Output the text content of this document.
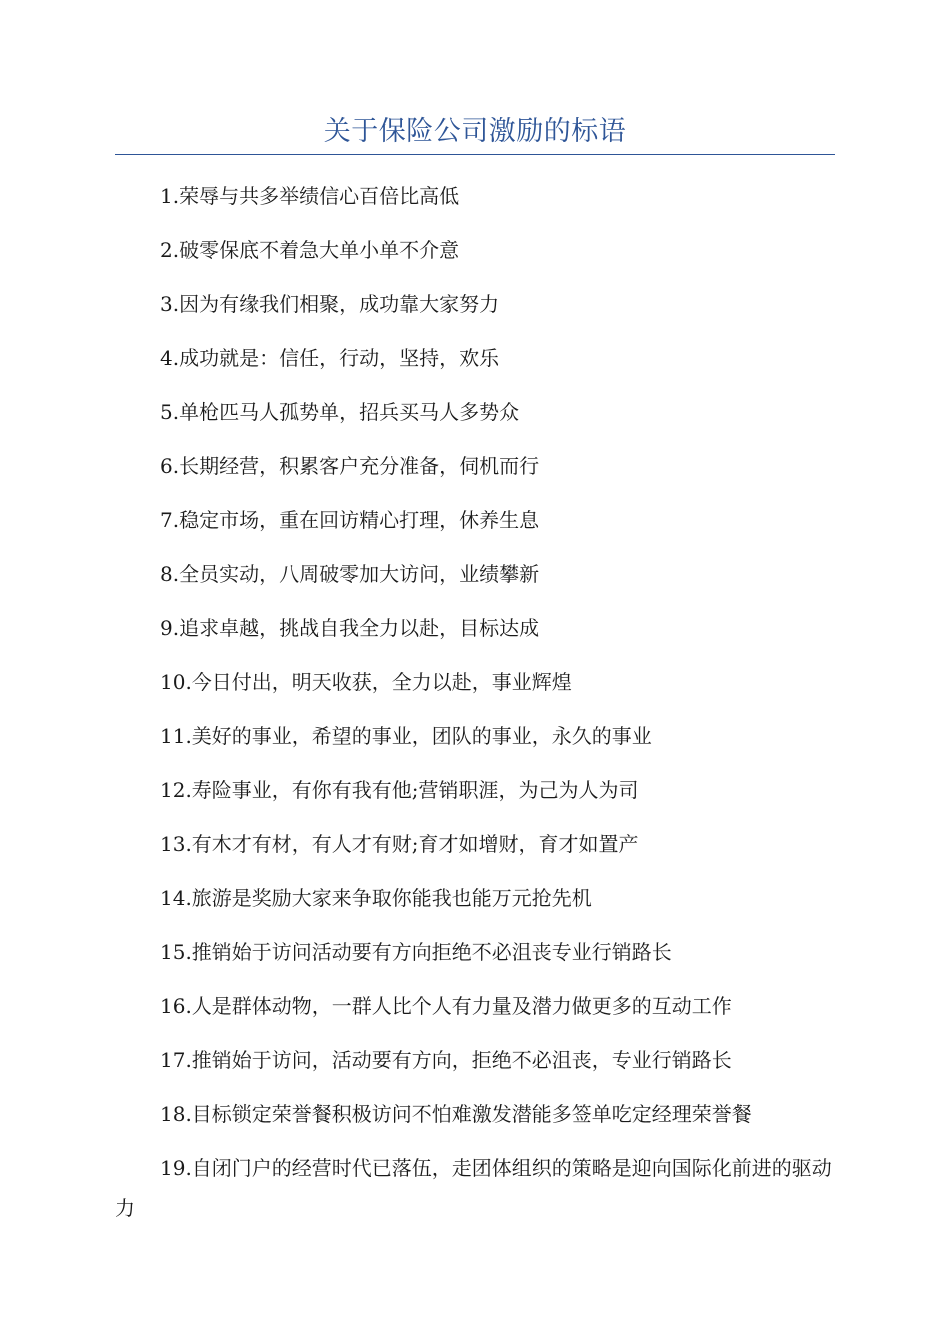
关于保险公司激励的标语
1.荣辱与共多举绩信心百倍比高低
2.破零保底不着急大单小单不介意
3.因为有缘我们相聚，成功靠大家努力
4.成功就是：信任，行动，坚持，欢乐
5.单枪匹马人孤势单，招兵买马人多势众
6.长期经营，积累客户充分准备，伺机而行
7.稳定市场，重在回访精心打理，休养生息
8.全员实动，八周破零加大访问，业绩攀新
9.追求卓越，挑战自我全力以赴，目标达成
10.今日付出，明天收获，全力以赴，事业辉煌
11.美好的事业，希望的事业，团队的事业，永久的事业
12.寿险事业，有你有我有他;营销职涯，为己为人为司
13.有木才有材，有人才有财;育才如增财，育才如置产
14.旅游是奖励大家来争取你能我也能万元抢先机
15.推销始于访问活动要有方向拒绝不必沮丧专业行销路长
16.人是群体动物，一群人比个人有力量及潜力做更多的互动工作
17.推销始于访问，活动要有方向，拒绝不必沮丧，专业行销路长
18.目标锁定荣誉餐积极访问不怕难激发潜能多签单吃定经理荣誉餐
19.自闭门户的经营时代已落伍，走团体组织的策略是迎向国际化前进的驱动力
